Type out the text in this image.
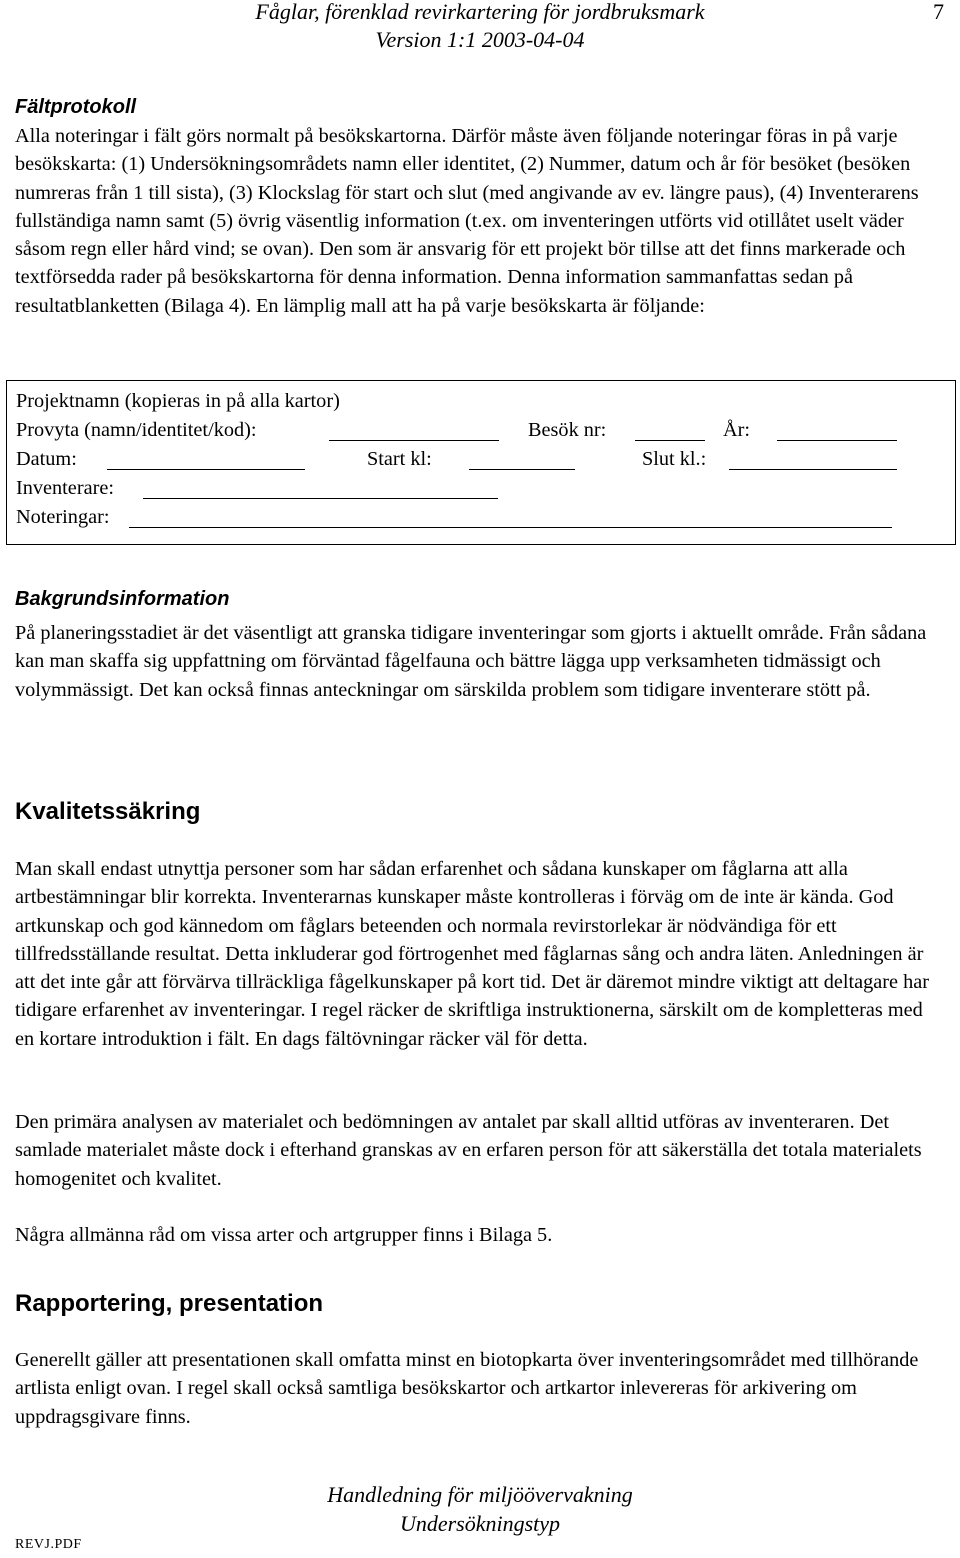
Fåglar, förenklad revirkartering för jordbruksmark
Version 1:1 2003-04-04
7
Fältprotokoll
Alla noteringar i fält görs normalt på besökskartorna. Därför måste även följande noteringar föras in på varje besökskarta: (1) Undersökningsområdets namn eller identitet, (2) Nummer, datum och år för besöket (besöken numreras från 1 till sista), (3) Klockslag för start och slut (med angivande av ev. längre paus), (4) Inventerarens fullständiga namn samt (5) övrig väsentlig information (t.ex. om inventeringen utförts vid otillåtet uselt väder såsom regn eller hård vind; se ovan). Den som är ansvarig för ett projekt bör tillse att det finns markerade och textförsedda rader på besökskartorna för denna information. Denna information sammanfattas sedan på resultatblanketten (Bilaga 4). En lämplig mall att ha på varje besökskarta är följande:
Projektnamn (kopieras in på alla kartor)
Provyta (namn/identitet/kod):	Besök nr:	År:
Datum:	Start kl:	Slut kl.:
Inventerare:
Noteringar:
Bakgrundsinformation
På planeringsstadiet är det väsentligt att granska tidigare inventeringar som gjorts i aktuellt område. Från sådana kan man skaffa sig uppfattning om förväntad fågelfauna och bättre lägga upp verksamheten tidmässigt och volymmässigt. Det kan också finnas anteckningar om särskilda problem som tidigare inventerare stött på.
Kvalitetssäkring
Man skall endast utnyttja personer som har sådan erfarenhet och sådana kunskaper om fåglarna att alla artbestämningar blir korrekta. Inventerarnas kunskaper måste kontrolleras i förväg om de inte är kända. God artkunskap och god kännedom om fåglars beteenden och normala revirstorlekar är nödvändiga för ett tillfredsställande resultat. Detta inkluderar god förtrogenhet med fåglarnas sång och andra läten. Anledningen är att det inte går att förvärva tillräckliga fågelkunskaper på kort tid. Det är däremot mindre viktigt att deltagare har tidigare erfarenhet av inventeringar. I regel räcker de skriftliga instruktionerna, särskilt om de kompletteras med en kortare introduktion i fält. En dags fältövningar räcker väl för detta.
Den primära analysen av materialet och bedömningen av antalet par skall alltid utföras av inventeraren. Det samlade materialet måste dock i efterhand granskas av en erfaren person för att säkerställa det totala materialets homogenitet och kvalitet.
Några allmänna råd om vissa arter och artgrupper finns i Bilaga 5.
Rapportering, presentation
Generellt gäller att presentationen skall omfatta minst en biotopkarta över inventeringsområdet med tillhörande artlista enligt ovan. I regel skall också samtliga besökskartor och artkartor inlevereras för arkivering om uppdragsgivare finns.
Handledning för miljöövervakning
Undersökningstyp
REVJ.PDF
